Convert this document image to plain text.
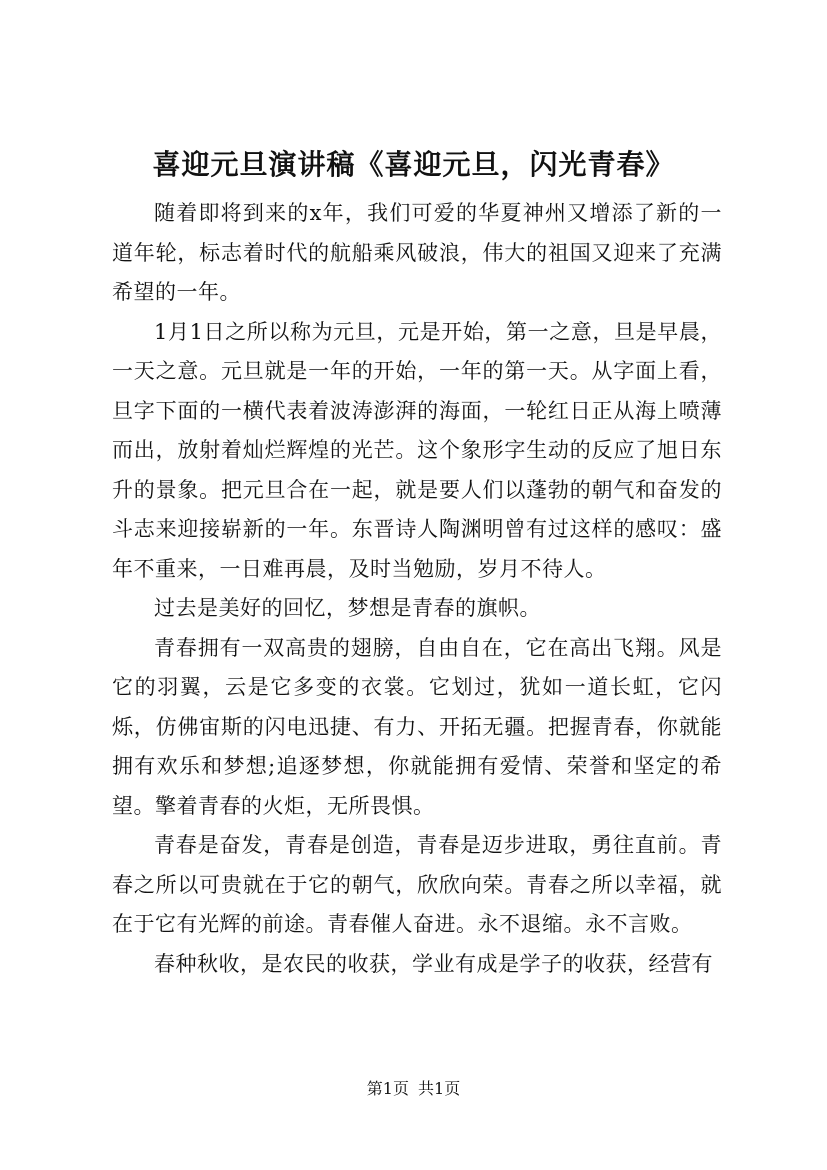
喜迎元旦演讲稿《喜迎元旦，闪光青春》

随着即将到来的x年，我们可爱的华夏神州又增添了新的一道年轮，标志着时代的航船乘风破浪，伟大的祖国又迎来了充满希望的一年。

1月1日之所以称为元旦，元是开始，第一之意，旦是早晨，一天之意。元旦就是一年的开始，一年的第一天。从字面上看，旦字下面的一横代表着波涛澎湃的海面，一轮红日正从海上喷薄而出，放射着灿烂辉煌的光芒。这个象形字生动的反应了旭日东升的景象。把元旦合在一起，就是要人们以蓬勃的朝气和奋发的斗志来迎接崭新的一年。东晋诗人陶渊明曾有过这样的感叹：盛年不重来，一日难再晨，及时当勉励，岁月不待人。

过去是美好的回忆，梦想是青春的旗帜。

青春拥有一双高贵的翅膀，自由自在，它在高出飞翔。风是它的羽翼，云是它多变的衣裳。它划过，犹如一道长虹，它闪烁，仿佛宙斯的闪电迅捷、有力、开拓无疆。把握青春，你就能拥有欢乐和梦想;追逐梦想，你就能拥有爱情、荣誉和坚定的希望。擎着青春的火炬，无所畏惧。

青春是奋发，青春是创造，青春是迈步进取，勇往直前。青春之所以可贵就在于它的朝气，欣欣向荣。青春之所以幸福，就在于它有光辉的前途。青春催人奋进。永不退缩。永不言败。

春种秋收，是农民的收获，学业有成是学子的收获，经营有

第1页 共1页
